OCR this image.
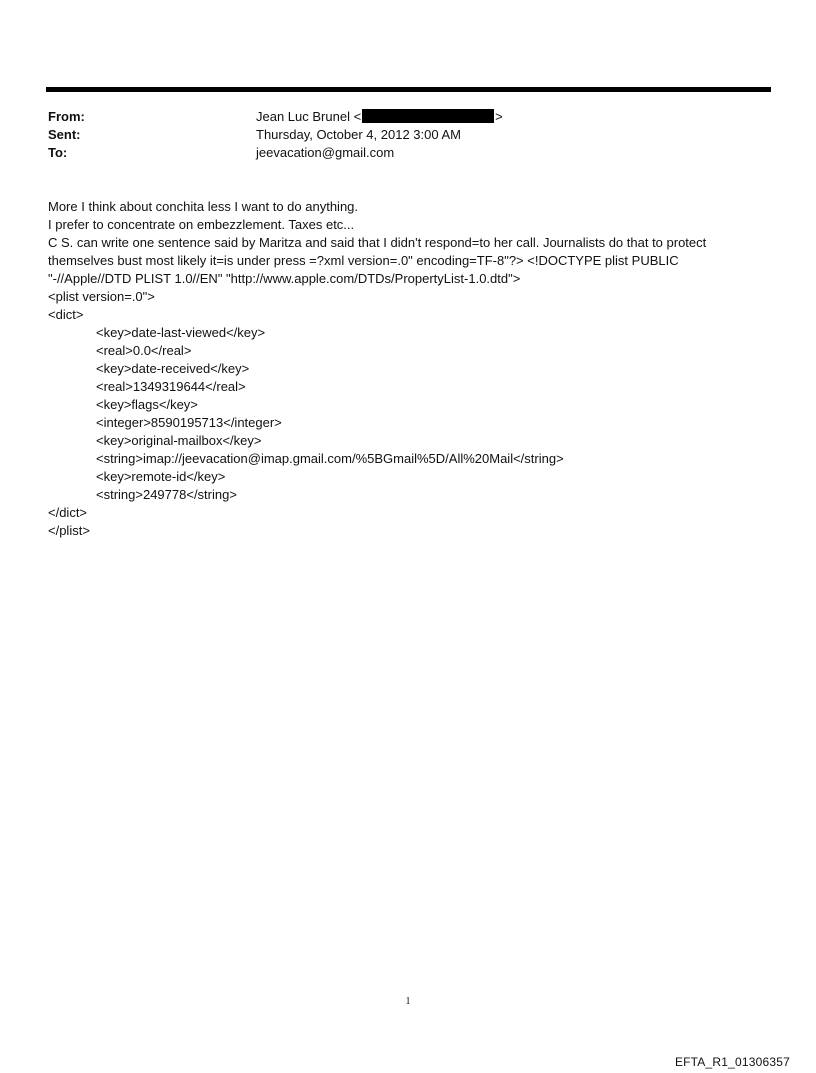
From:	Jean Luc Brunel <	>
Sent:	Thursday, October 4, 2012 3:00 AM
To:	jeevacation@gmail.com
More I think about conchita less I want to do anything.
I prefer to concentrate on embezzlement. Taxes etc...
C S. can write one sentence said by Maritza and said that I didn't respond=to her call. Journalists do that to protect themselves bust most likely it=is under press =?xml version=.0" encoding=TF-8"?> <!DOCTYPE plist PUBLIC "-//Apple//DTD PLIST 1.0//EN" "http://www.apple.com/DTDs/PropertyList-1.0.dtd">
<plist version=.0">
<dict>
<key>date-last-viewed</key>
<real>0.0</real>
<key>date-received</key>
<real>1349319644</real>
<key>flags</key>
<integer>8590195713</integer>
<key>original-mailbox</key>
<string>imap://jeevacation@imap.gmail.com/%5BGmail%5D/All%20Mail</string>
<key>remote-id</key>
<string>249778</string>
</dict>
</plist>
1
EFTA_R1_01306357
